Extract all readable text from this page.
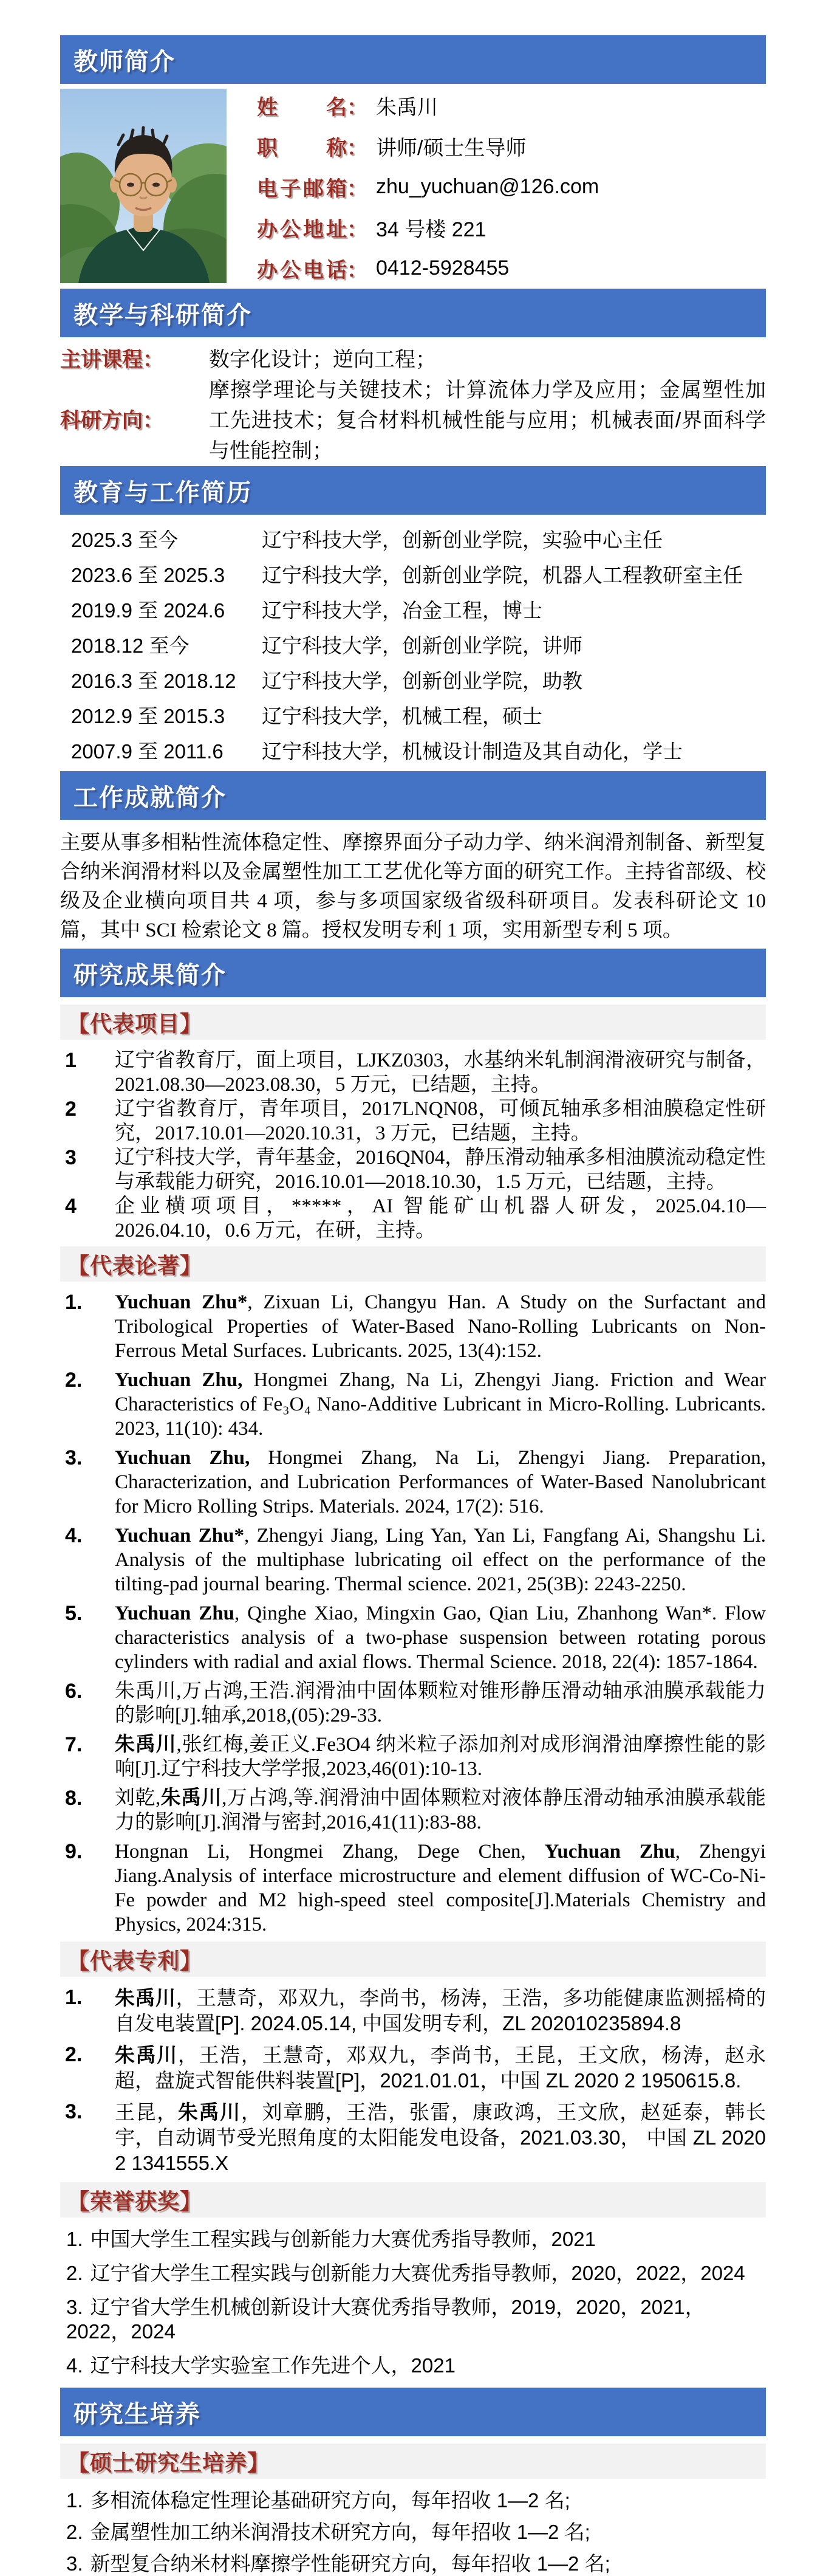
教师简介
姓名： 朱禹川
职称： 讲师/硕士生导师
电子邮箱： zhu_yuchuan@126.com
办公地址： 34 号楼 221
办公电话： 0412-5928455
教学与科研简介
主讲课程：	数字化设计；逆向工程；
科研方向：
摩擦学理论与关键技术；计算流体力学及应用；金属塑性加工先进技术；复合材料机械性能与应用；机械表面/界面科学与性能控制；
教育与工作简历
2025.3 至今	辽宁科技大学，创新创业学院，实验中心主任
2023.6 至 2025.3	辽宁科技大学，创新创业学院，机器人工程教研室主任
2019.9 至 2024.6	辽宁科技大学，冶金工程，博士
2018.12 至今	辽宁科技大学，创新创业学院，讲师
2016.3 至 2018.12	辽宁科技大学，创新创业学院，助教
2012.9 至 2015.3	辽宁科技大学，机械工程，硕士
2007.9 至 2011.6	辽宁科技大学，机械设计制造及其自动化，学士
工作成就简介

主要从事多相粘性流体稳定性、摩擦界面分子动力学、纳米润滑剂制备、新型复合纳米润滑材料以及金属塑性加工工艺优化等方面的研究工作。主持省部级、校级及企业横向项目共 4 项，参与多项国家级省级科研项目。发表科研论文 10 篇，其中 SCI 检索论文 8 篇。授权发明专利 1 项，实用新型专利 5 项。

研究成果简介
【代表项目】
1	辽宁省教育厅，面上项目，LJKZ0303，水基纳米轧制润滑液研究与制备，2021.08.30—2023.08.30，5 万元，已结题，主持。
2	辽宁省教育厅，青年项目，2017LNQN08，可倾瓦轴承多相油膜稳定性研究，2017.10.01—2020.10.31，3 万元，已结题，主持。
3	辽宁科技大学，青年基金，2016QN04，静压滑动轴承多相油膜流动稳定性与承载能力研究，2016.10.01—2018.10.30，1.5 万元，已结题，主持。
4	企业横项项目，*****，AI 智能矿山机器人研发，2025.04.10—2026.04.10，0.6 万元，在研，主持。
【代表论著】
1.	Yuchuan Zhu*, Zixuan Li, Changyu Han. A Study on the Surfactant and Tribological Properties of Water-Based Nano-Rolling Lubricants on Non-Ferrous Metal Surfaces. Lubricants. 2025, 13(4):152.
2.	Yuchuan Zhu, Hongmei Zhang, Na Li, Zhengyi Jiang. Friction and Wear Characteristics of Fe₃O₄ Nano-Additive Lubricant in Micro-Rolling. Lubricants. 2023, 11(10): 434.
3.	Yuchuan Zhu, Hongmei Zhang, Na Li, Zhengyi Jiang. Preparation, Characterization, and Lubrication Performances of Water-Based Nanolubricant for Micro Rolling Strips. Materials. 2024, 17(2): 516.
4.	Yuchuan Zhu*, Zhengyi Jiang, Ling Yan, Yan Li, Fangfang Ai, Shangshu Li. Analysis of the multiphase lubricating oil effect on the performance of the tilting-pad journal bearing. Thermal science. 2021, 25(3B): 2243-2250.
5.	Yuchuan Zhu, Qinghe Xiao, Mingxin Gao, Qian Liu, Zhanhong Wan*. Flow characteristics analysis of a two-phase suspension between rotating porous cylinders with radial and axial flows. Thermal Science. 2018, 22(4): 1857-1864.
6.	朱禹川,万占鸿,王浩.润滑油中固体颗粒对锥形静压滑动轴承油膜承载能力的影响[J].轴承,2018,(05):29-33.
7.	朱禹川,张红梅,姜正义.Fe3O4 纳米粒子添加剂对成形润滑油摩擦性能的影响[J].辽宁科技大学学报,2023,46(01):10-13.
8.	刘乾,朱禹川,万占鸿,等.润滑油中固体颗粒对液体静压滑动轴承油膜承载能力的影响[J].润滑与密封,2016,41(11):83-88.
9.	Hongnan Li, Hongmei Zhang, Dege Chen, Yuchuan Zhu, Zhengyi Jiang.Analysis of interface microstructure and element diffusion of WC-Co-Ni-Fe powder and M2 high-speed steel composite[J].Materials Chemistry and Physics, 2024:315.
【代表专利】
1.	朱禹川，王慧奇，邓双九，李尚书，杨涛，王浩，多功能健康监测摇椅的自发电装置[P]. 2024.05.14, 中国发明专利，ZL 202010235894.8
2.	朱禹川，王浩，王慧奇，邓双九，李尚书，王昆，王文欣，杨涛，赵永超，盘旋式智能供料装置[P]，2021.01.01，中国 ZL 2020 2 1950615.8.
3.	王昆，朱禹川，刘章鹏，王浩，张雷，康政鸿，王文欣，赵延泰，韩长宇，自动调节受光照角度的太阳能发电设备，2021.03.30， 中国 ZL 2020 2 1341555.X
【荣誉获奖】
1. 中国大学生工程实践与创新能力大赛优秀指导教师，2021
2. 辽宁省大学生工程实践与创新能力大赛优秀指导教师，2020，2022，2024
3. 辽宁省大学生机械创新设计大赛优秀指导教师，2019，2020，2021，2022，2024
4. 辽宁科技大学实验室工作先进个人，2021
研究生培养
【硕士研究生培养】
1. 多相流体稳定性理论基础研究方向，每年招收 1—2 名;
2. 金属塑性加工纳米润滑技术研究方向，每年招收 1—2 名;
3. 新型复合纳米材料摩擦学性能研究方向，每年招收 1—2 名;
